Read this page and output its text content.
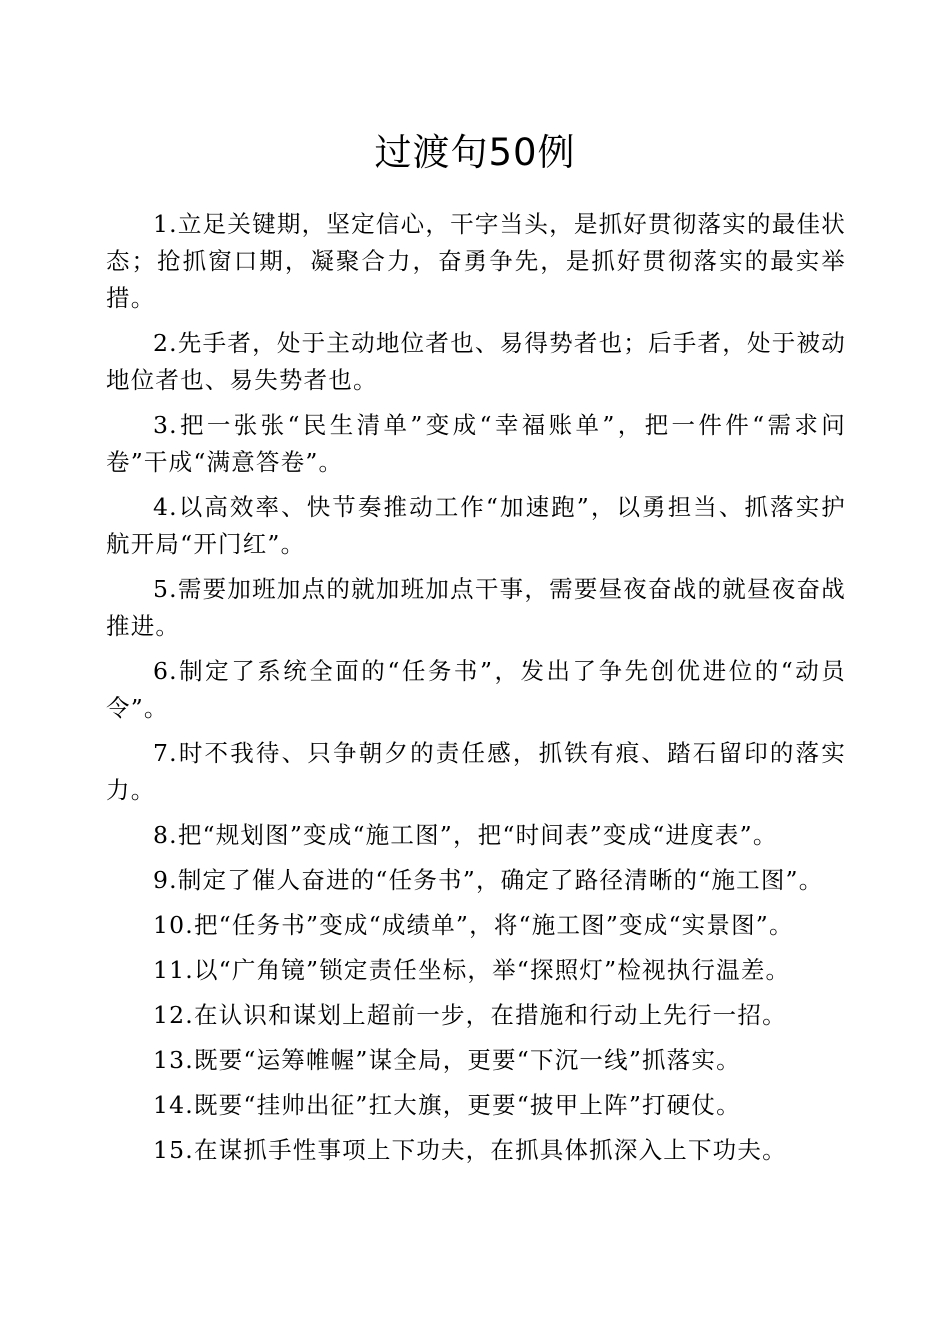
过渡句50例

1.立足关键期，坚定信心，干字当头，是抓好贯彻落实的最佳状态；抢抓窗口期，凝聚合力，奋勇争先，是抓好贯彻落实的最实举措。

2.先手者，处于主动地位者也、易得势者也；后手者，处于被动地位者也、易失势者也。

3.把一张张“民生清单”变成“幸福账单”，把一件件“需求问卷”干成“满意答卷”。

4.以高效率、快节奏推动工作“加速跑”，以勇担当、抓落实护航开局“开门红”。

5.需要加班加点的就加班加点干事，需要昼夜奋战的就昼夜奋战推进。

6.制定了系统全面的“任务书”，发出了争先创优进位的“动员令”。

7.时不我待、只争朝夕的责任感，抓铁有痕、踏石留印的落实力。

8.把“规划图”变成“施工图”，把“时间表”变成“进度表”。

9.制定了催人奋进的“任务书”，确定了路径清晰的“施工图”。

10.把“任务书”变成“成绩单”，将“施工图”变成“实景图”。

11.以“广角镜”锁定责任坐标，举“探照灯”检视执行温差。

12.在认识和谋划上超前一步，在措施和行动上先行一招。

13.既要“运筹帷幄”谋全局，更要“下沉一线”抓落实。

14.既要“挂帅出征”扛大旗，更要“披甲上阵”打硬仗。

15.在谋抓手性事项上下功夫，在抓具体抓深入上下功夫。
